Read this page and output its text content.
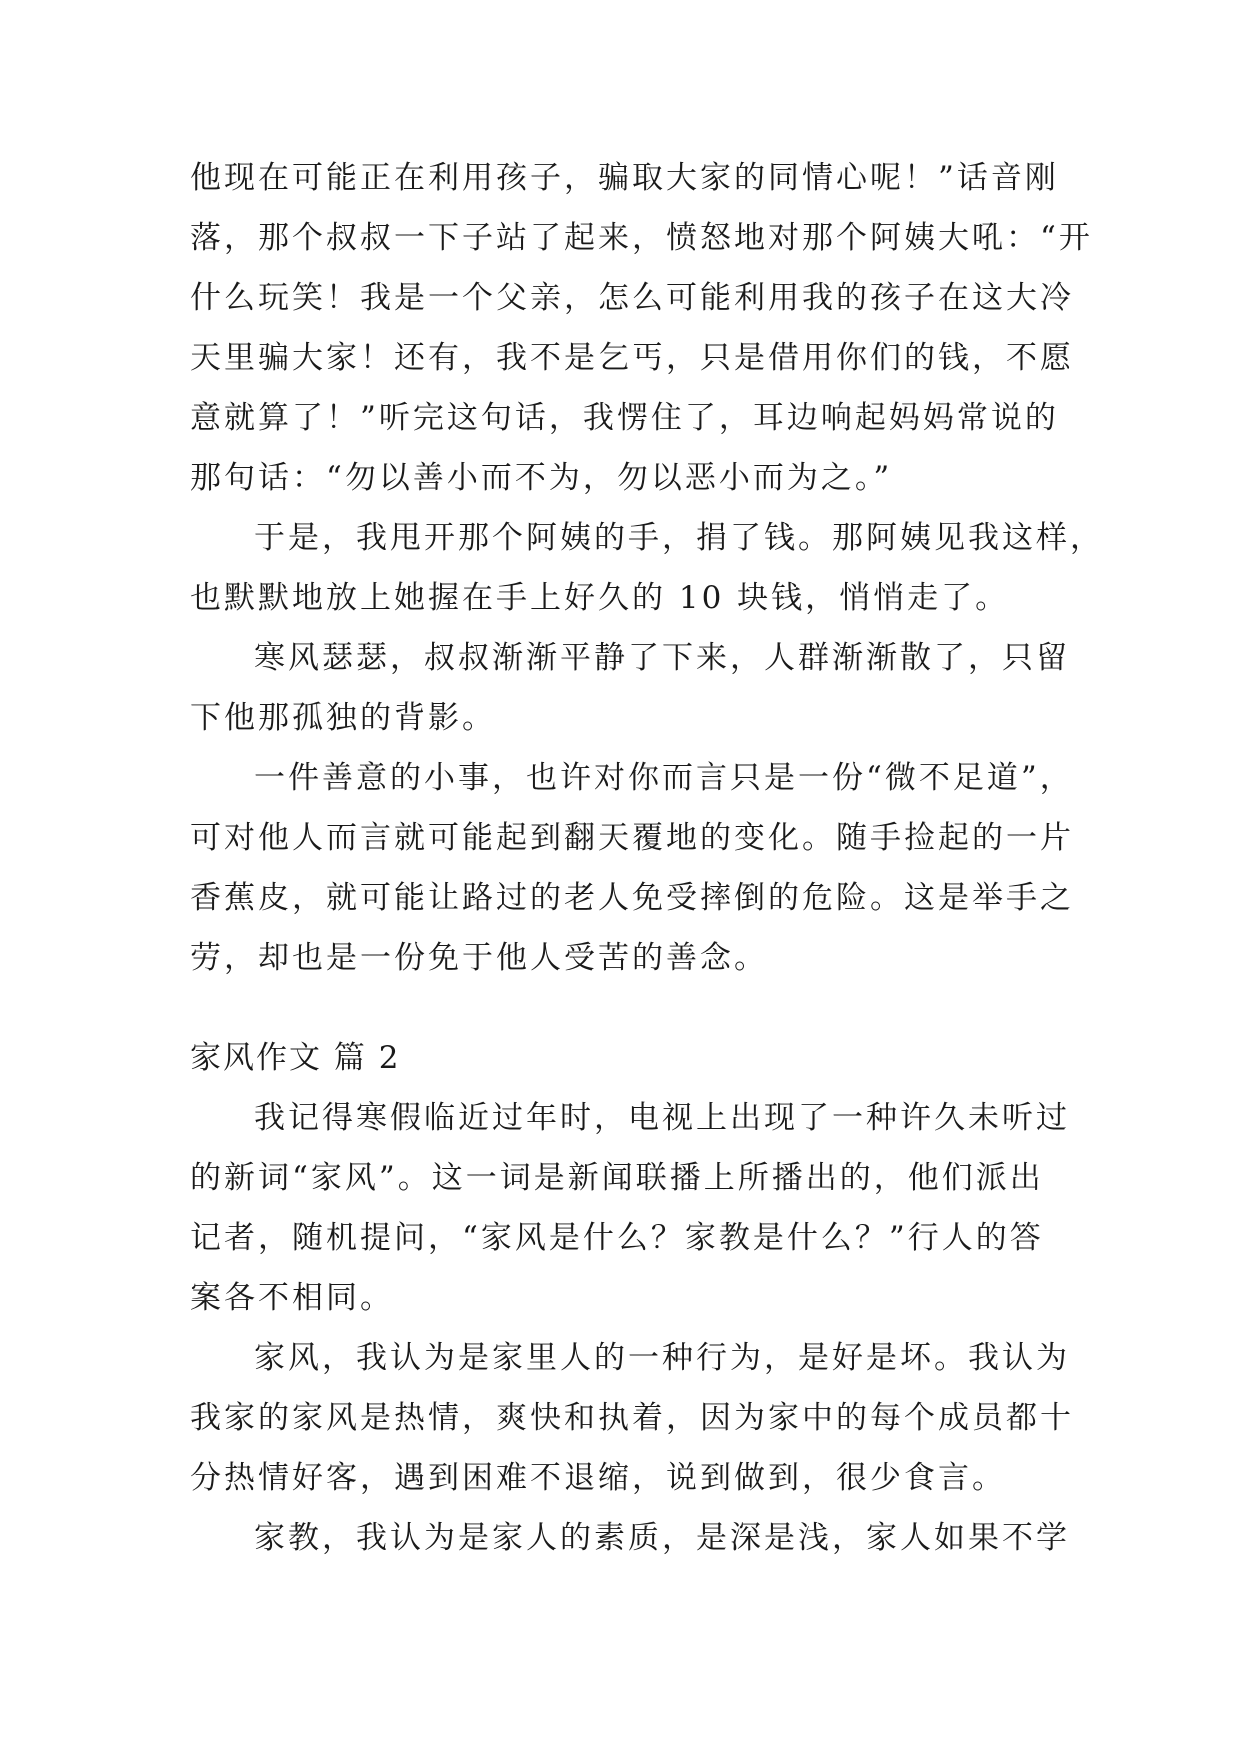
他现在可能正在利用孩子，骗取大家的同情心呢！”话音刚
落，那个叔叔一下子站了起来，愤怒地对那个阿姨大吼：“开
什么玩笑！我是一个父亲，怎么可能利用我的孩子在这大冷
天里骗大家！还有，我不是乞丐，只是借用你们的钱，不愿
意就算了！”听完这句话，我愣住了，耳边响起妈妈常说的
那句话：“勿以善小而不为，勿以恶小而为之。”
于是，我甩开那个阿姨的手，捐了钱。那阿姨见我这样，
也默默地放上她握在手上好久的 10 块钱，悄悄走了。
寒风瑟瑟，叔叔渐渐平静了下来，人群渐渐散了，只留
下他那孤独的背影。
一件善意的小事，也许对你而言只是一份“微不足道”，
可对他人而言就可能起到翻天覆地的变化。随手捡起的一片
香蕉皮，就可能让路过的老人免受摔倒的危险。这是举手之
劳，却也是一份免于他人受苦的善念。
家风作文 篇 2
我记得寒假临近过年时，电视上出现了一种许久未听过
的新词“家风”。这一词是新闻联播上所播出的，他们派出
记者，随机提问，“家风是什么？家教是什么？”行人的答
案各不相同。
家风，我认为是家里人的一种行为，是好是坏。我认为
我家的家风是热情，爽快和执着，因为家中的每个成员都十
分热情好客，遇到困难不退缩，说到做到，很少食言。
家教，我认为是家人的素质，是深是浅，家人如果不学
